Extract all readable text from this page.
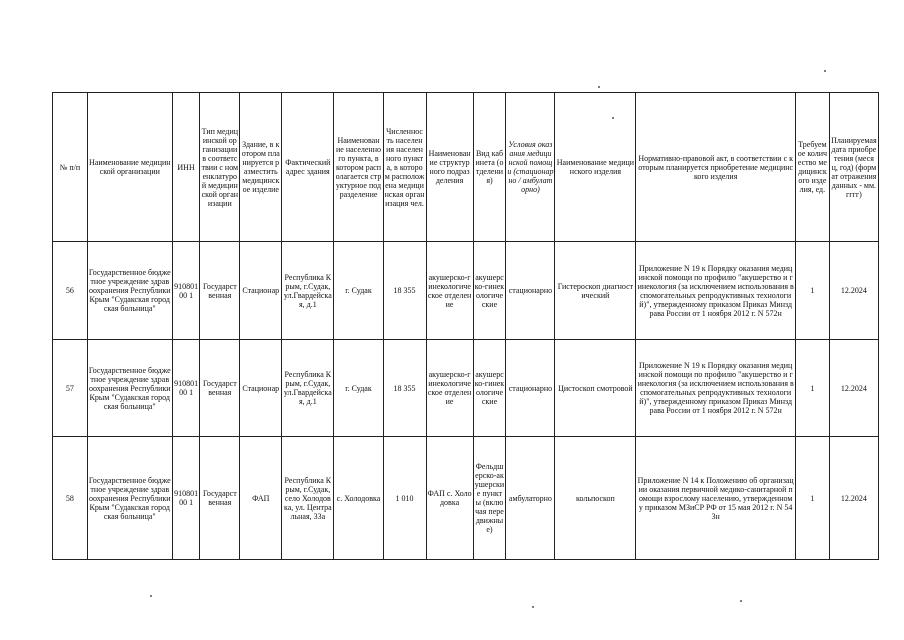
№ п/п	Наименование медицинской организации	ИНН	Тип медицинской организации в соответствии с номенклатурой медицинской организации	Здание, в котором планируется разместить медицинское изделие	Фактический адрес здания	Наименование населенного пункта, в котором располагается структурное подразделение	Численность населения населенного пункта, в котором расположена медицинская организация чел.	Наименование структурного подразделения	Вид кабинета (отделения)	Условия оказания медицинской помощи (стационарно / амбулаторно)	Наименование медицинского изделия	Нормативно-правовой акт, в соответствии с которым планируется приобретение медицинского изделия	Требуемое количество медицинского изделия, ед.	Планируемая дата приобретения (месяц, год) (формат отражения данных - мм. гггг)
56	Государственное бюджетное учреждение здравоохранения Республики Крым "Судакская городская больница"	91080100 1	Государственная	Стационар	Республика Крым, г.Судак, ул.Гвардейская, д.1	г. Судак	18 355	акушерско-гинекологическое отделение	акушерско-гинекологические	стационарно	Гистероскоп диагностический	Приложение N 19 к Порядку оказания медицинской помощи по профилю "акушерство и гинекология (за исключением использования вспомогательных репродуктивных технологий)", утвержденному приказом Приказ Минздрава России от 1 ноября 2012 г. N 572н	1	12.2024
57	Государственное бюджетное учреждение здравоохранения Республики Крым "Судакская городская больница"	91080100 1	Государственная	Стационар	Республика Крым, г.Судак, ул.Гвардейская, д.1	г. Судак	18 355	акушерско-гинекологическое отделение	акушерско-гинекологические	стационарно	Цистоскоп смотровой	Приложение N 19 к Порядку оказания медицинской помощи по профилю "акушерство и гинекология (за исключением использования вспомогательных репродуктивных технологий)", утвержденному приказом Приказ Минздрава России от 1 ноября 2012 г. N 572н	1	12.2024
58	Государственное бюджетное учреждение здравоохранения Республики Крым "Судакская городская больница"	91080100 1	Государственная	ФАП	Республика Крым, г.Судак, село Холодовка, ул. Центральная, 33а	с. Холодовка	1 010	ФАП с. Холодовка	Фельдшерско-акушерские пункты (включая передвижные)	амбулаторно	кольпоскоп	Приложение N 14 к Положению об организации оказания первичной медико-санитарной помощи взрослому населению, утвержденному приказом МЗиСР РФ от 15 мая 2012 г. N 543н	1	12.2024
